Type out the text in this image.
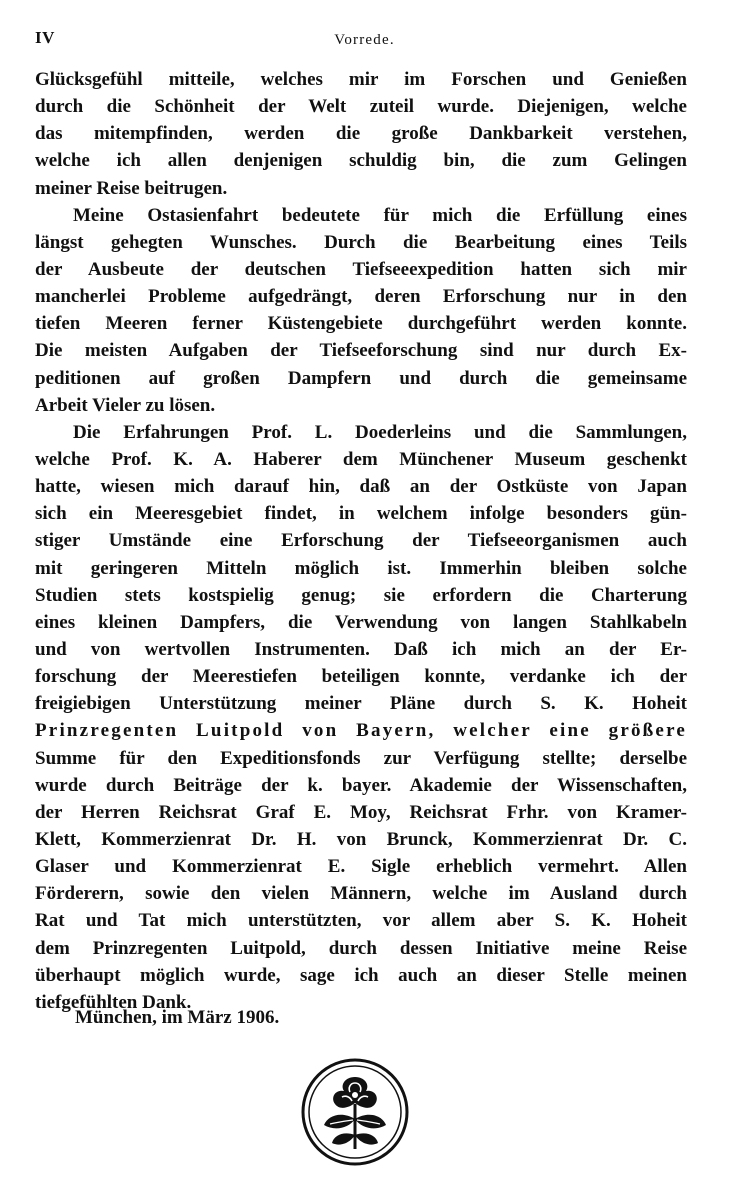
IV	Vorrede.
Glücksgefühl mitteile, welches mir im Forschen und Genießen
durch die Schönheit der Welt zuteil wurde. Diejenigen, welche
das mitempfinden, werden die große Dankbarkeit verstehen,
welche ich allen denjenigen schuldig bin, die zum Gelingen
meiner Reise beitrugen.
Meine Ostasienfahrt bedeutete für mich die Erfüllung eines
längst gehegten Wunsches. Durch die Bearbeitung eines Teils
der Ausbeute der deutschen Tiefseeexpedition hatten sich mir
mancherlei Probleme aufgedrängt, deren Erforschung nur in den
tiefen Meeren ferner Küstengebiete durchgeführt werden konnte.
Die meisten Aufgaben der Tiefseeforschung sind nur durch Ex-
peditionen auf großen Dampfern und durch die gemeinsame
Arbeit Vieler zu lösen.
Die Erfahrungen Prof. L. Doederleins und die Sammlungen,
welche Prof. K. A. Haberer dem Münchener Museum geschenkt
hatte, wiesen mich darauf hin, daß an der Ostküste von Japan
sich ein Meeresgebiet findet, in welchem infolge besonders gün-
stiger Umstände eine Erforschung der Tiefseeorganismen auch
mit geringeren Mitteln möglich ist. Immerhin bleiben solche
Studien stets kostspielig genug; sie erfordern die Charterung
eines kleinen Dampfers, die Verwendung von langen Stahlkabeln
und von wertvollen Instrumenten. Daß ich mich an der Er-
forschung der Meerestiefen beteiligen konnte, verdanke ich der
freigiebigen Unterstützung meiner Pläne durch S. K. Hoheit
Prinzregenten Luitpold von Bayern, welcher eine größere
Summe für den Expeditionsfonds zur Verfügung stellte; derselbe
wurde durch Beiträge der k. bayer. Akademie der Wissenschaften,
der Herren Reichsrat Graf E. Moy, Reichsrat Frhr. von Kramer-
Klett, Kommerzienrat Dr. H. von Brunck, Kommerzienrat Dr. C.
Glaser und Kommerzienrat E. Sigle erheblich vermehrt. Allen
Förderern, sowie den vielen Männern, welche im Ausland durch
Rat und Tat mich unterstützten, vor allem aber S. K. Hoheit
dem Prinzregenten Luitpold, durch dessen Initiative meine Reise
überhaupt möglich wurde, sage ich auch an dieser Stelle meinen
tiefgefühlten Dank.
München, im März 1906.
